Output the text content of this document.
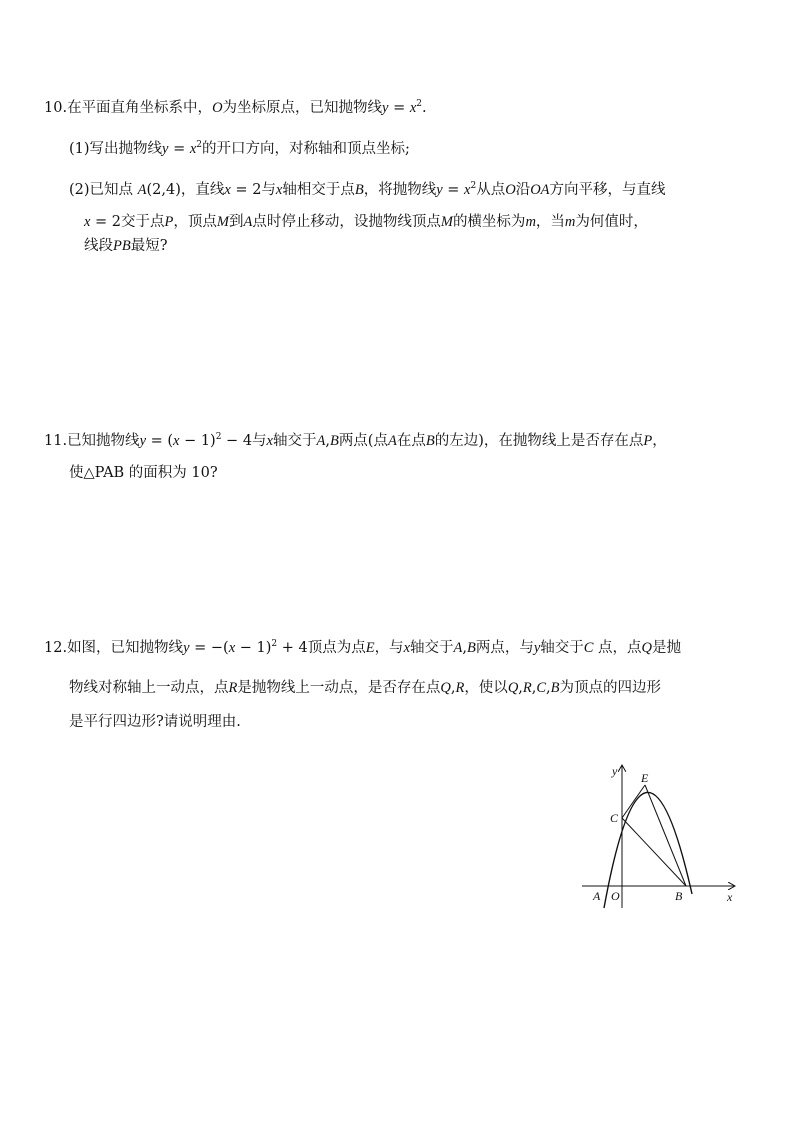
10.在平面直角坐标系中，O为坐标原点，已知抛物线$y = x^2$.
(1)写出抛物线$y = x^2$的开口方向，对称轴和顶点坐标;
(2)已知点 A(2,4)，直线x = 2与x轴相交于点B，将抛物线$y = x^2$从点O沿OA方向平移，与直线
x = 2交于点P，顶点M到A点时停止移动，设抛物线顶点M的横坐标为m，当m为何值时，
线段PB最短?
11.已知抛物线$y = (x - 1)^2 - 4$与x轴交于A,B两点(点A在点B的左边)，在抛物线上是否存在点P，
使△PAB 的面积为 10?
12.如图，已知抛物线$y = -(x - 1)^2 + 4$顶点为点E，与x轴交于A,B两点，与y轴交于C 点，点Q是抛
物线对称轴上一动点，点R是抛物线上一动点，是否存在点Q,R，使以Q,R,C,B为顶点的四边形
是平行四边形?请说明理由.
y
x
E
C
A O	B
